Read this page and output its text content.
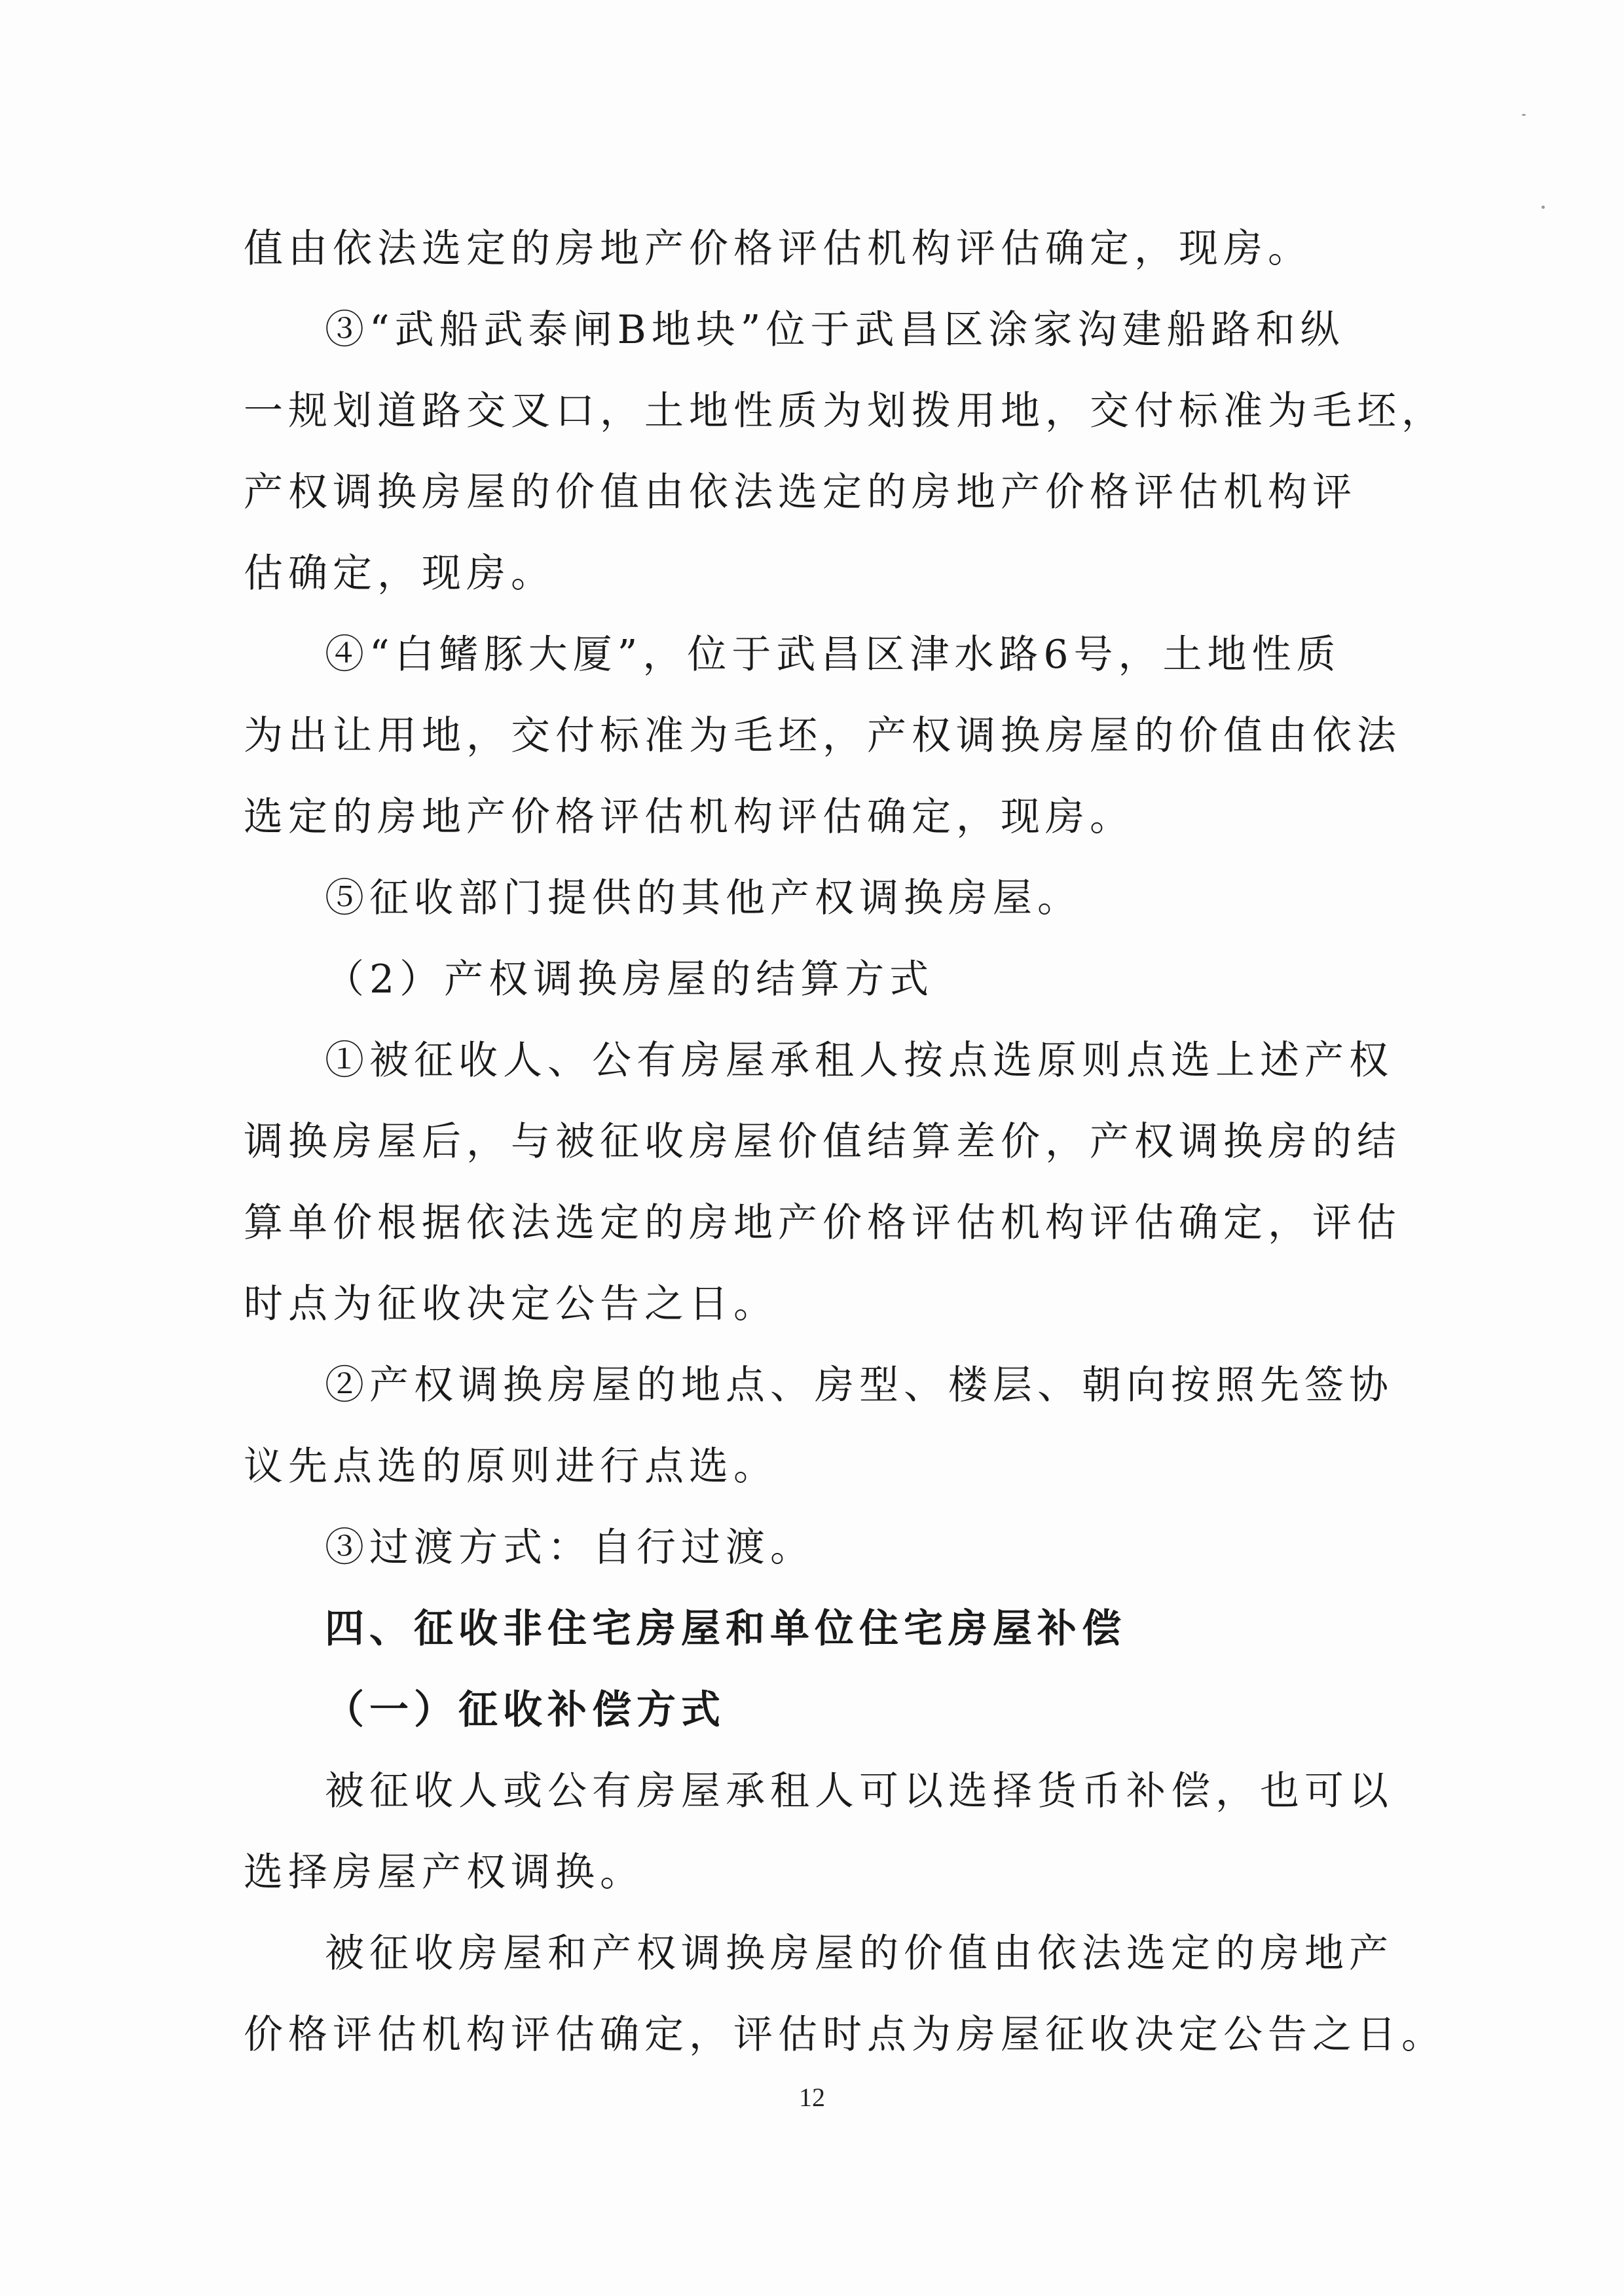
值由依法选定的房地产价格评估机构评估确定，现房。
③“武船武泰闸B地块”位于武昌区涂家沟建船路和纵
一规划道路交叉口，土地性质为划拨用地，交付标准为毛坯，
产权调换房屋的价值由依法选定的房地产价格评估机构评
估确定，现房。
④“白鳍豚大厦”，位于武昌区津水路6号，土地性质
为出让用地，交付标准为毛坯，产权调换房屋的价值由依法
选定的房地产价格评估机构评估确定，现房。
⑤征收部门提供的其他产权调换房屋。
（2）产权调换房屋的结算方式
①被征收人、公有房屋承租人按点选原则点选上述产权
调换房屋后，与被征收房屋价值结算差价，产权调换房的结
算单价根据依法选定的房地产价格评估机构评估确定，评估
时点为征收决定公告之日。
②产权调换房屋的地点、房型、楼层、朝向按照先签协
议先点选的原则进行点选。
③过渡方式：自行过渡。
四、征收非住宅房屋和单位住宅房屋补偿
（一）征收补偿方式
被征收人或公有房屋承租人可以选择货币补偿，也可以
选择房屋产权调换。
被征收房屋和产权调换房屋的价值由依法选定的房地产
价格评估机构评估确定，评估时点为房屋征收决定公告之日。
12
